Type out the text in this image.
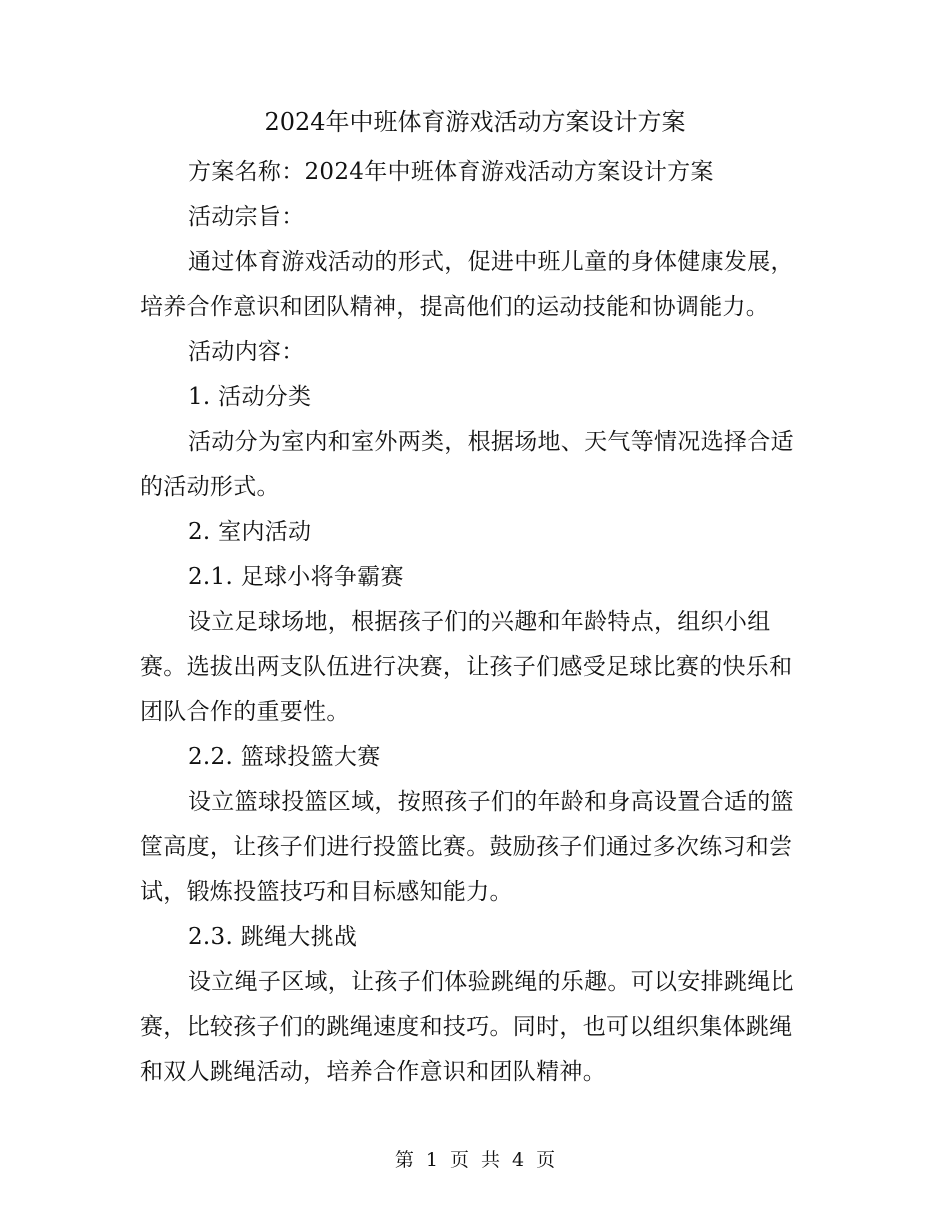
2024年中班体育游戏活动方案设计方案

方案名称：2024年中班体育游戏活动方案设计方案

活动宗旨：

通过体育游戏活动的形式，促进中班儿童的身体健康发展，培养合作意识和团队精神，提高他们的运动技能和协调能力。

活动内容：

1. 活动分类

活动分为室内和室外两类，根据场地、天气等情况选择合适的活动形式。

2. 室内活动

2.1. 足球小将争霸赛

设立足球场地，根据孩子们的兴趣和年龄特点，组织小组赛。选拔出两支队伍进行决赛，让孩子们感受足球比赛的快乐和团队合作的重要性。

2.2. 篮球投篮大赛

设立篮球投篮区域，按照孩子们的年龄和身高设置合适的篮筐高度，让孩子们进行投篮比赛。鼓励孩子们通过多次练习和尝试，锻炼投篮技巧和目标感知能力。

2.3. 跳绳大挑战

设立绳子区域，让孩子们体验跳绳的乐趣。可以安排跳绳比赛，比较孩子们的跳绳速度和技巧。同时，也可以组织集体跳绳和双人跳绳活动，培养合作意识和团队精神。

第 1 页 共 4 页
